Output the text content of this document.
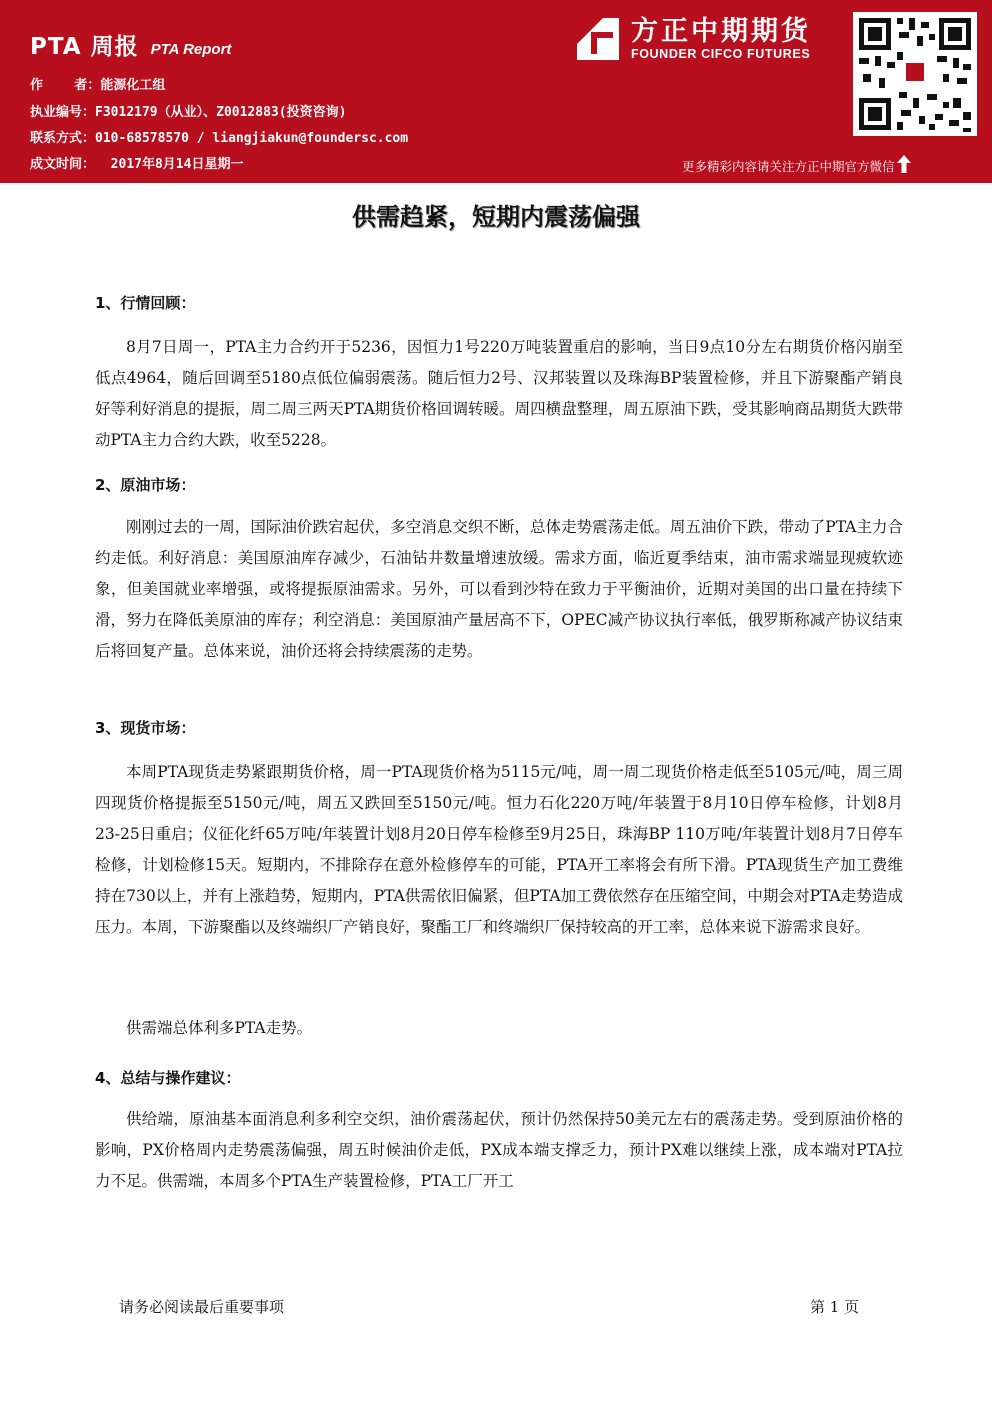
PTA 周报 PTA Report
作    者：能源化工组
执业编号：F3012179（从业）、Z0012883(投资咨询)
联系方式：010-68578570 / liangjiakun@foundersc.com
成文时间：  2017年8月14日星期一
方正中期期货
FOUNDER CIFCO FUTURES
更多精彩内容请关注方正中期官方微信
供需趋紧，短期内震荡偏强
1、行情回顾：

8月7日周一，PTA主力合约开于5236，因恒力1号220万吨装置重启的影响，当日9点10分左右期货价格闪崩至低点4964，随后回调至5180点低位偏弱震荡。随后恒力2号、汉邦装置以及珠海BP装置检修，并且下游聚酯产销良好等利好消息的提振，周二周三两天PTA期货价格回调转暖。周四横盘整理，周五原油下跌，受其影响商品期货大跌带动PTA主力合约大跌，收至5228。

2、原油市场：

刚刚过去的一周，国际油价跌宕起伏，多空消息交织不断，总体走势震荡走低。周五油价下跌，带动了PTA主力合约走低。利好消息：美国原油库存减少，石油钻井数量增速放缓。需求方面，临近夏季结束，油市需求端显现疲软迹象，但美国就业率增强，或将提振原油需求。另外，可以看到沙特在致力于平衡油价，近期对美国的出口量在持续下滑，努力在降低美原油的库存；利空消息：美国原油产量居高不下，OPEC减产协议执行率低，俄罗斯称减产协议结束后将回复产量。总体来说，油价还将会持续震荡的走势。

3、现货市场：

本周PTA现货走势紧跟期货价格，周一PTA现货价格为5115元/吨，周一周二现货价格走低至5105元/吨，周三周四现货价格提振至5150元/吨，周五又跌回至5150元/吨。恒力石化220万吨/年装置于8月10日停车检修，计划8月23-25日重启；仪征化纤65万吨/年装置计划8月20日停车检修至9月25日，珠海BP 110万吨/年装置计划8月7日停车检修，计划检修15天。短期内，不排除存在意外检修停车的可能，PTA开工率将会有所下滑。PTA现货生产加工费维持在730以上，并有上涨趋势，短期内，PTA供需依旧偏紧，但PTA加工费依然存在压缩空间，中期会对PTA走势造成压力。本周，下游聚酯以及终端织厂产销良好，聚酯工厂和终端织厂保持较高的开工率，总体来说下游需求良好。

供需端总体利多PTA走势。

4、总结与操作建议：

供给端，原油基本面消息利多利空交织，油价震荡起伏，预计仍然保持50美元左右的震荡走势。受到原油价格的影响，PX价格周内走势震荡偏强，周五时候油价走低，PX成本端支撑乏力，预计PX难以继续上涨，成本端对PTA拉力不足。供需端，本周多个PTA生产装置检修，PTA工厂开工

请务必阅读最后重要事项	第 1 页
